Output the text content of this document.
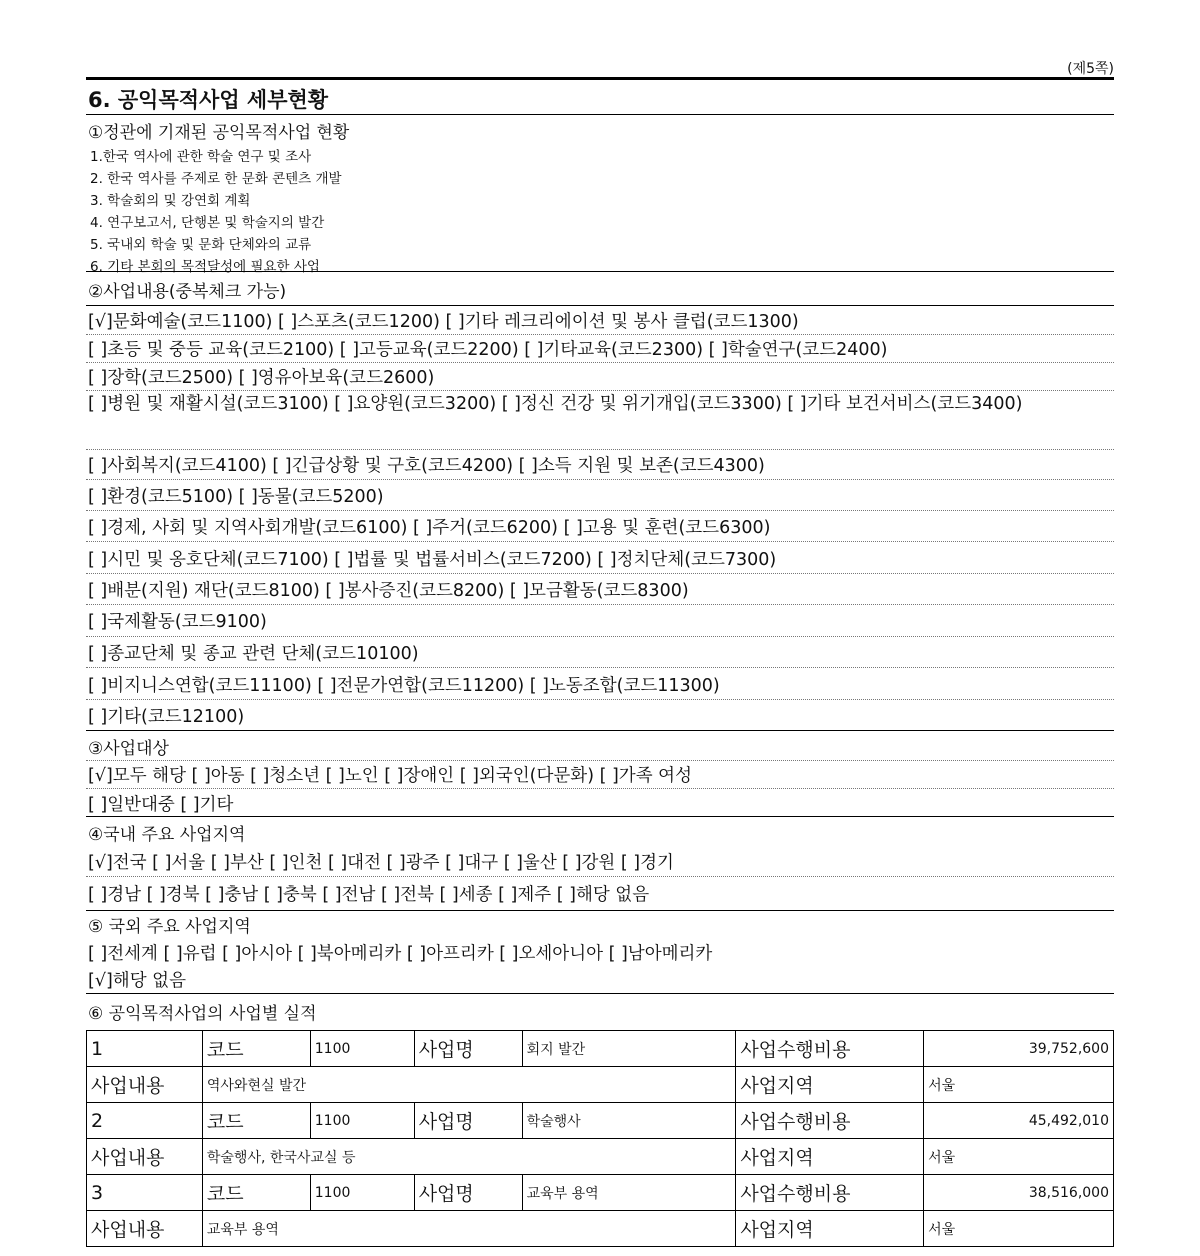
(제5쪽)
6. 공익목적사업 세부현황
①정관에 기재된 공익목적사업 현황
1.한국 역사에 관한 학술 연구 및 조사
2. 한국 역사를 주제로 한 문화 콘텐츠 개발
3. 학술회의 및 강연회 계획
4. 연구보고서, 단행본 및 학술지의 발간
5. 국내외 학술 및 문화 단체와의 교류
6. 기타 본회의 목적달성에 필요한 사업
②사업내용(중복체크 가능)
[√]문화예술(코드1100) [ ]스포츠(코드1200) [ ]기타 레크리에이션 및 봉사 클럽(코드1300)
[ ]초등 및 중등 교육(코드2100) [ ]고등교육(코드2200) [ ]기타교육(코드2300) [ ]학술연구(코드2400)
[ ]장학(코드2500) [ ]영유아보육(코드2600)
[ ]병원 및 재활시설(코드3100) [ ]요양원(코드3200) [ ]정신 건강 및 위기개입(코드3300) [ ]기타 보건서비스(코드3400)
[ ]사회복지(코드4100) [ ]긴급상황 및 구호(코드4200) [ ]소득 지원 및 보존(코드4300)
[ ]환경(코드5100) [ ]동물(코드5200)
[ ]경제, 사회 및 지역사회개발(코드6100) [ ]주거(코드6200) [ ]고용 및 훈련(코드6300)
[ ]시민 및 옹호단체(코드7100) [ ]법률 및 법률서비스(코드7200) [ ]정치단체(코드7300)
[ ]배분(지원) 재단(코드8100) [ ]봉사증진(코드8200) [ ]모금활동(코드8300)
[ ]국제활동(코드9100)
[ ]종교단체 및 종교 관련 단체(코드10100)
[ ]비지니스연합(코드11100) [ ]전문가연합(코드11200) [ ]노동조합(코드11300)
[ ]기타(코드12100)
③사업대상
[√]모두 해당 [ ]아동 [ ]청소년 [ ]노인 [ ]장애인 [ ]외국인(다문화) [ ]가족 여성
[ ]일반대중 [ ]기타
④국내 주요 사업지역
[√]전국 [ ]서울 [ ]부산 [ ]인천 [ ]대전 [ ]광주 [ ]대구 [ ]울산 [ ]강원 [ ]경기
[ ]경남 [ ]경북 [ ]충남 [ ]충북 [ ]전남 [ ]전북 [ ]세종 [ ]제주 [ ]해당 없음
⑤ 국외 주요 사업지역
[ ]전세계 [ ]유럽 [ ]아시아 [ ]북아메리카 [ ]아프리카 [ ]오세아니아 [ ]남아메리카
[√]해당 없음
⑥ 공익목적사업의 사업별 실적
1	코드	1100	사업명	회지 발간	사업수행비용	39,752,600
사업내용	역사와현실 발간				사업지역	서울
2	코드	1100	사업명	학술행사	사업수행비용	45,492,010
사업내용	학술행사, 한국사교실 등				사업지역	서울
3	코드	1100	사업명	교육부 용역	사업수행비용	38,516,000
사업내용	교육부 용역				사업지역	서울
